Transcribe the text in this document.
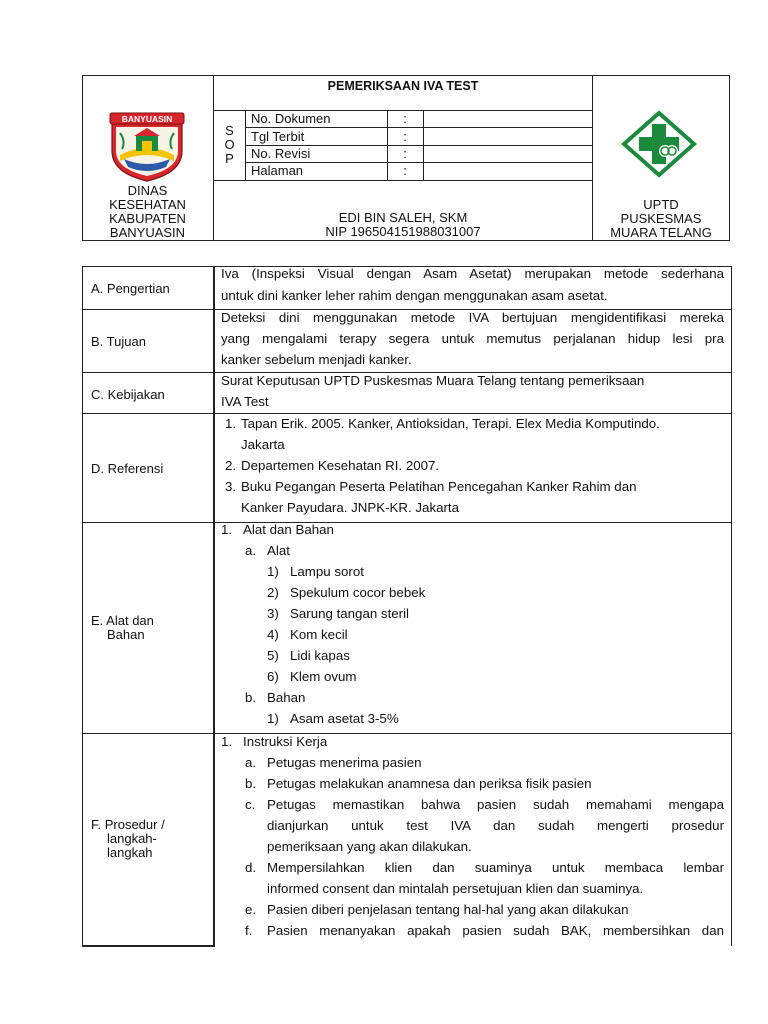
PEMERIKSAAN IVA TEST
S
O
P
No. Dokumen	:
Tgl Terbit	:
No. Revisi	:
Halaman	:
BANYUASIN
DINAS
KESEHATAN
KABUPATEN
BANYUASIN
EDI BIN SALEH, SKM
NIP 196504151988031007
UPTD
PUSKESMAS
MUARA TELANG
A. Pengertian
Iva (Inspeksi Visual dengan Asam Asetat) merupakan metode sederhana
untuk dini kanker leher rahim dengan menggunakan asam asetat.
B. Tujuan
Deteksi dini menggunakan metode IVA bertujuan mengidentifikasi mereka
yang mengalami terapy segera untuk memutus perjalanan hidup lesi pra
kanker sebelum menjadi kanker.
C. Kebijakan
Surat Keputusan UPTD Puskesmas Muara Telang tentang pemeriksaan
IVA Test
D. Referensi
1. Tapan Erik. 2005. Kanker, Antioksidan, Terapi. Elex Media Komputindo.
Jakarta
2. Departemen Kesehatan RI. 2007.
3. Buku Pegangan Peserta Pelatihan Pencegahan Kanker Rahim dan
Kanker Payudara. JNPK-KR. Jakarta
E. Alat dan
Bahan
1. Alat dan Bahan
a. Alat
1) Lampu sorot
2) Spekulum cocor bebek
3) Sarung tangan steril
4) Kom kecil
5) Lidi kapas
6) Klem ovum
b. Bahan
1) Asam asetat 3-5%
F. Prosedur /
langkah-
langkah
1. Instruksi Kerja
a. Petugas menerima pasien
b. Petugas melakukan anamnesa dan periksa fisik pasien
c. Petugas memastikan bahwa pasien sudah memahami mengapa
dianjurkan untuk test IVA dan sudah mengerti prosedur
pemeriksaan yang akan dilakukan.
d. Mempersilahkan klien dan suaminya untuk membaca lembar
informed consent dan mintalah persetujuan klien dan suaminya.
e. Pasien diberi penjelasan tentang hal-hal yang akan dilakukan
f. Pasien menanyakan apakah pasien sudah BAK, membersihkan dan
